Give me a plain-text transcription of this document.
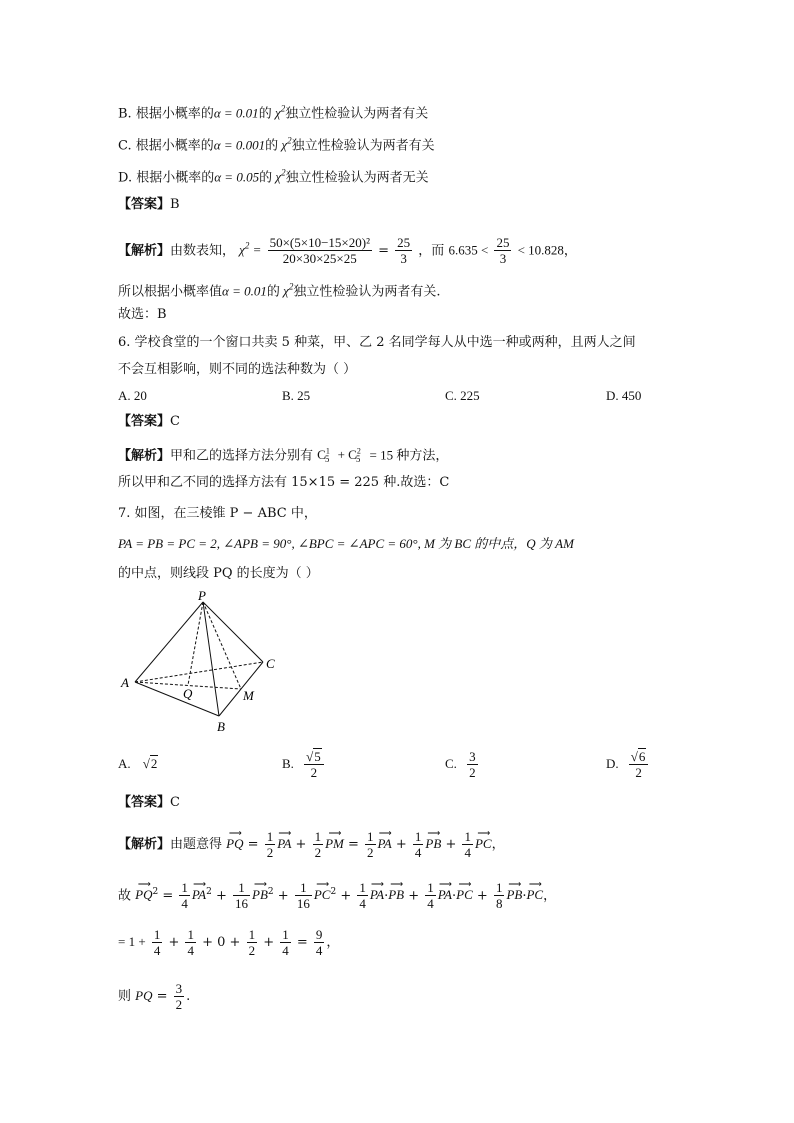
B. 根据小概率的α = 0.01的 $\chi^2$独立性检验认为两者有关
C. 根据小概率的α = 0.001的 $\chi^2$独立性检验认为两者有关
D. 根据小概率的α = 0.05的 $\chi^2$独立性检验认为两者无关
【答案】B
【解析】由数表知， $\chi^2 = \frac{\text{50×(5×10−15×20)²}}{20\times 30\times 25\times 25} = \frac{25}{3}$ ，而 $6.635 < \frac{25}{3} < 10.828$，
所以根据小概率值α = 0.01的 $\chi^2$独立性检验认为两者有关.
故选：B
6. 学校食堂的一个窗口共卖 5 种菜，甲、乙 2 名同学每人从中选一种或两种，且两人之间
不会互相影响，则不同的选法种数为（ ）
A. 20	B. 25	C. 225	D. 450
【答案】C
【解析】甲和乙的选择方法分别有 $C^1_5 + C^2_5 = 15$ 种方法，
所以甲和乙不同的选择方法有 15×15 = 225 种.故选：C
7. 如图，在三棱锥 P − ABC 中，
PA = PB = PC = 2, ∠APB = 90°, ∠BPC = ∠APC = 60°, M 为 BC 的中点，Q 为 AM
的中点，则线段 PQ 的长度为（ ）
P
A
B
C
Q	M
A. √2	B. $\frac{√5}{2}$	C. $\frac{3}{2}$	D. $\frac{√6}{2}$
【答案】C
【解析】由题意得 ⟶ PQ = $\frac{1}{2}$ ⟶ PA + $\frac{1}{2}$ ⟶ PM = $\frac{1}{2}$ ⟶ PA + $\frac{1}{4}$ ⟶ PB + $\frac{1}{4}$ ⟶ PC，
故 ⟶ $PQ^2 = \frac{1}{4}$ ⟶ $PA^2 + \frac{1}{16}$ ⟶ $PB^2 + \frac{1}{16}$ ⟶ $PC^2 + \frac{1}{4}$ ⟶ PA·⟶ PB + $\frac{1}{4}$ ⟶ PA·⟶ PC + $\frac{1}{8}$ ⟶ PB·⟶ PC，
= $1 + \frac{1}{4} + \frac{1}{4} + 0 + \frac{1}{2} + \frac{1}{4} = \frac{9}{4}$ ，
则 PQ = $\frac{3}{2}$ .
